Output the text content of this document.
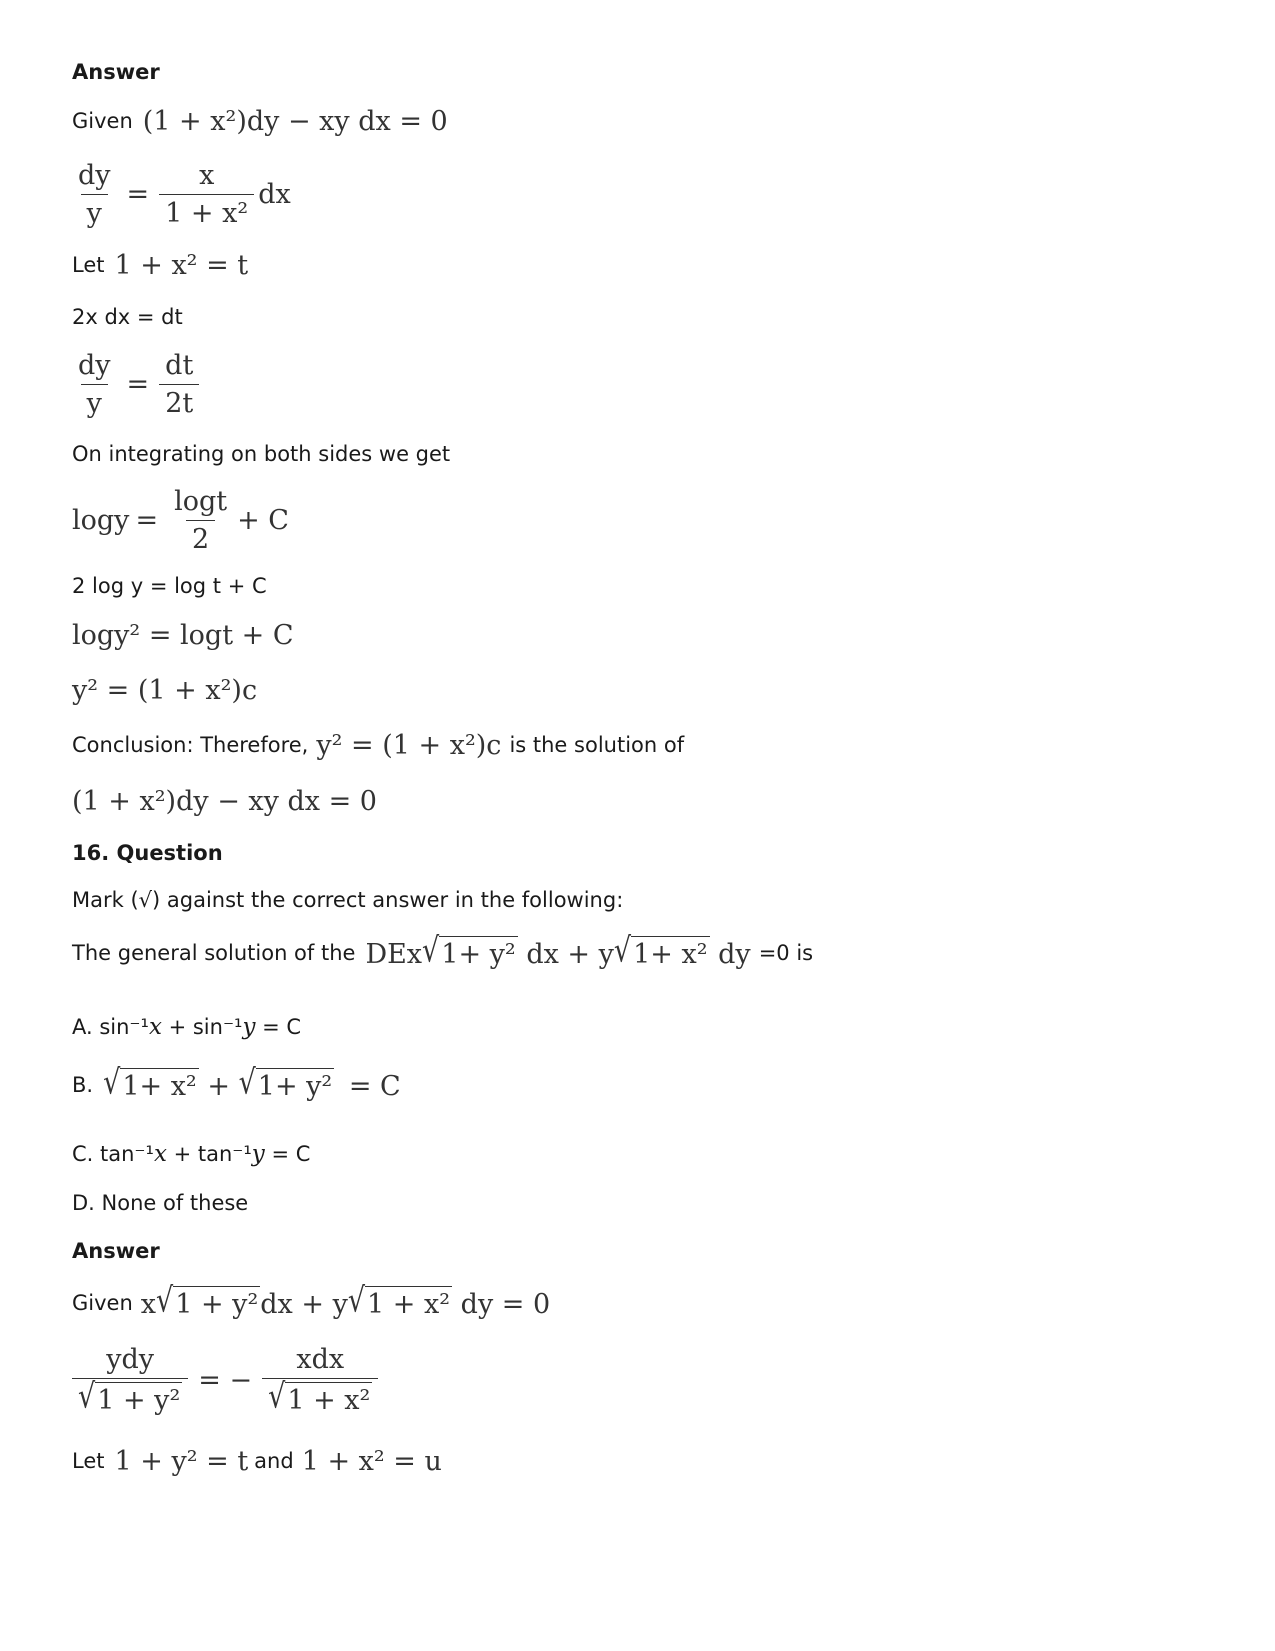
Answer
Given (1 + x²)dy − xy dx = 0
$\frac{dy}{y} = \frac{x}{\text{1 + x²}}$ dx
Let 1 + x² = t
2x dx = dt
$\frac{dy}{y} = \frac{dt}{2t}$
On integrating on both sides we get
$\log y = \frac{\log t}{2} + C$
2 log y = log t + C
logy² = logt + C
y² = (1 + x²)c
Conclusion: Therefore, y² = (1 + x²)c is the solution of
(1 + x²)dy − xy dx = 0
16. Question
Mark (√) against the correct answer in the following:
The general solution of the DEx√1+ y² dx + y√1+ x² dy =0 is
A. sin⁻¹ x + sin⁻¹ y = C
B. √1+ x² + √1+ y² = C
C. tan⁻¹ x + tan⁻¹ y = C
D. None of these
Answer
Given x√1 + y²dx + y√1 + x² dy = 0
$\frac{\text{ydy}}{\text{√1 + y²}}$ = − $\frac{\text{xdx}}{\text{√1 + x²}}$
Let 1 + y² = t and 1 + x² = u
